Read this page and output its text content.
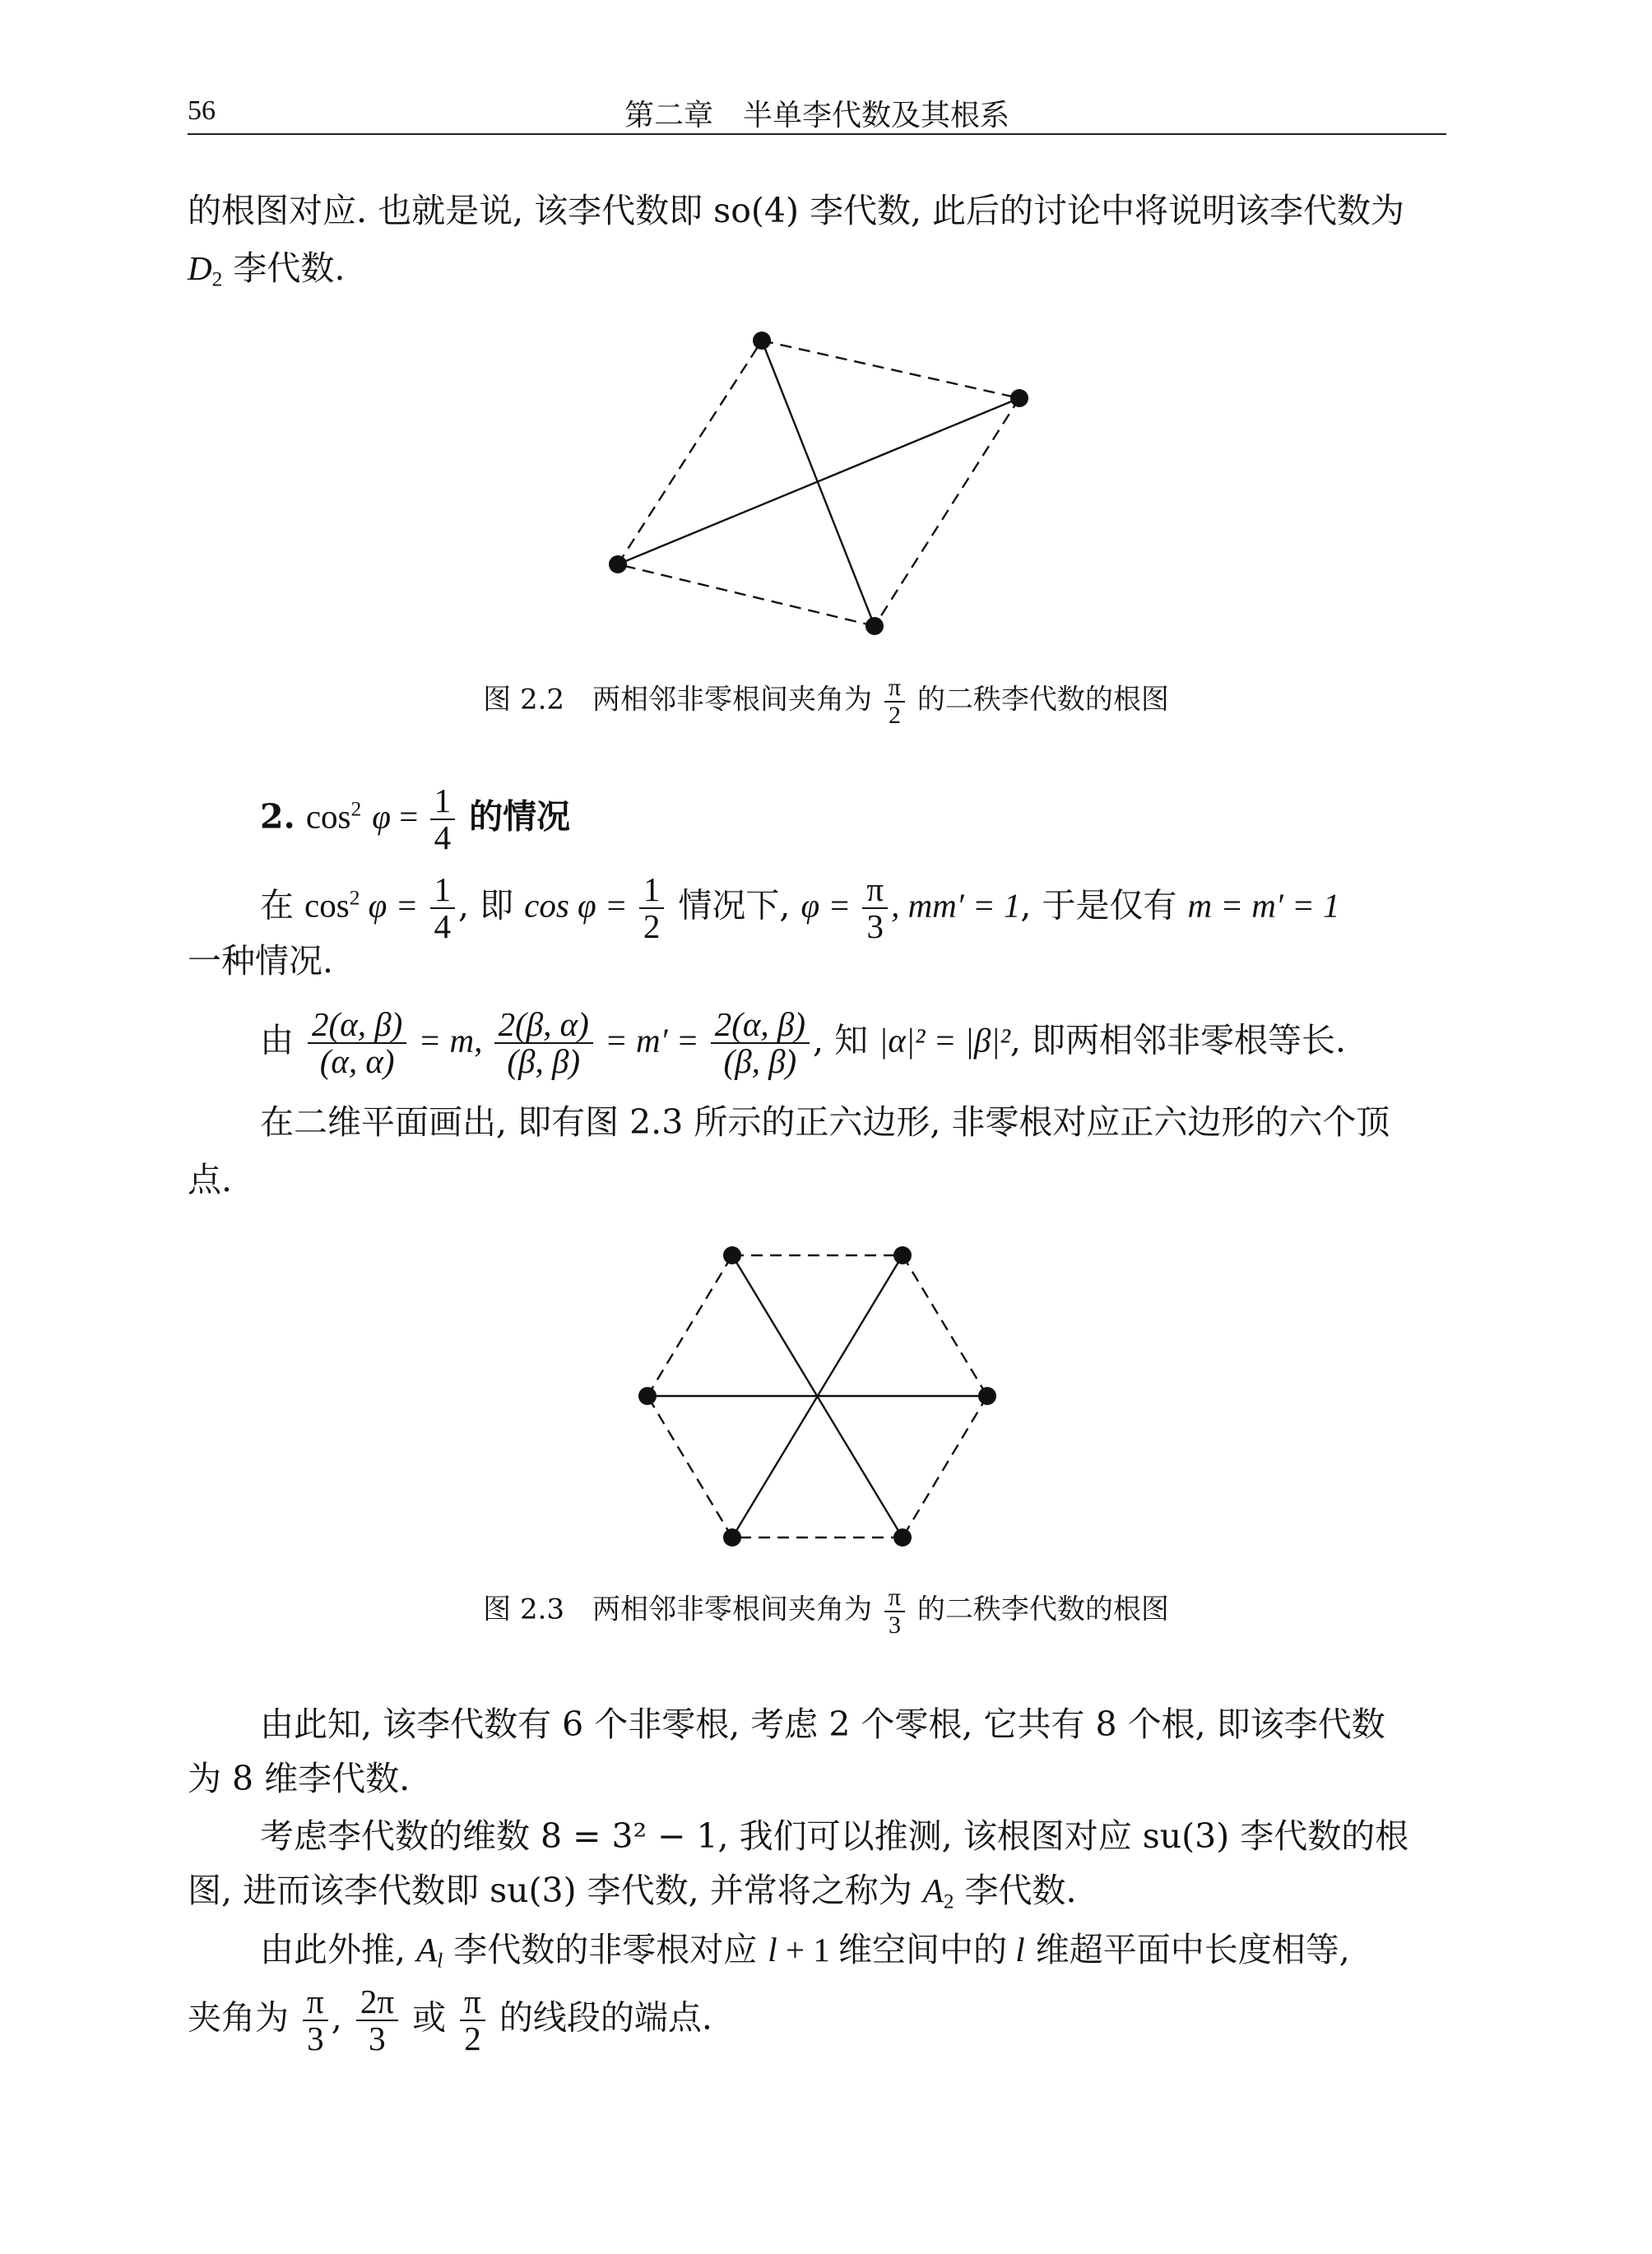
56	第二章　半单李代数及其根系
的根图对应. 也就是说, 该李代数即 so(4) 李代数, 此后的讨论中将说明该李代数为
$D_2$ 李代数.
图 2.2　两相邻非零根间夹角为 $\frac{\pi}{2}$ 的二秩李代数的根图
2. $\cos^2 \varphi = \frac{1}{4}$ 的情况
在 $\cos^2 \varphi = \frac{1}{4}$ , 即 $\cos \varphi = \frac{1}{2}$ 情况下, $\varphi = \frac{\pi}{3}$ , mm′ = 1, 于是仅有 m = m′ = 1
一种情况.
由 $\frac{2(\alpha, \beta)}{(\alpha, \alpha)} = m$, $\frac{2(\beta, \alpha)}{(\beta, \beta)} = m' = \frac{2(\alpha, \beta)}{(\beta, \beta)}$ , 知 |α|² = |β|², 即两相邻非零根等长.
在二维平面画出, 即有图 2.3 所示的正六边形, 非零根对应正六边形的六个顶
点.
图 2.3　两相邻非零根间夹角为 $\frac{\pi}{3}$ 的二秩李代数的根图
由此知, 该李代数有 6 个非零根, 考虑 2 个零根, 它共有 8 个根, 即该李代数
为 8 维李代数.
考虑李代数的维数 8 = 3² − 1, 我们可以推测, 该根图对应 su(3) 李代数的根
图, 进而该李代数即 su(3) 李代数, 并常将之称为 $A_2$ 李代数.
由此外推, $A_l$ 李代数的非零根对应 l + 1 维空间中的 l 维超平面中长度相等,
夹角为 $\frac{\pi}{3}$ , $\frac{2\pi}{3}$ 或 $\frac{\pi}{2}$ 的线段的端点.
